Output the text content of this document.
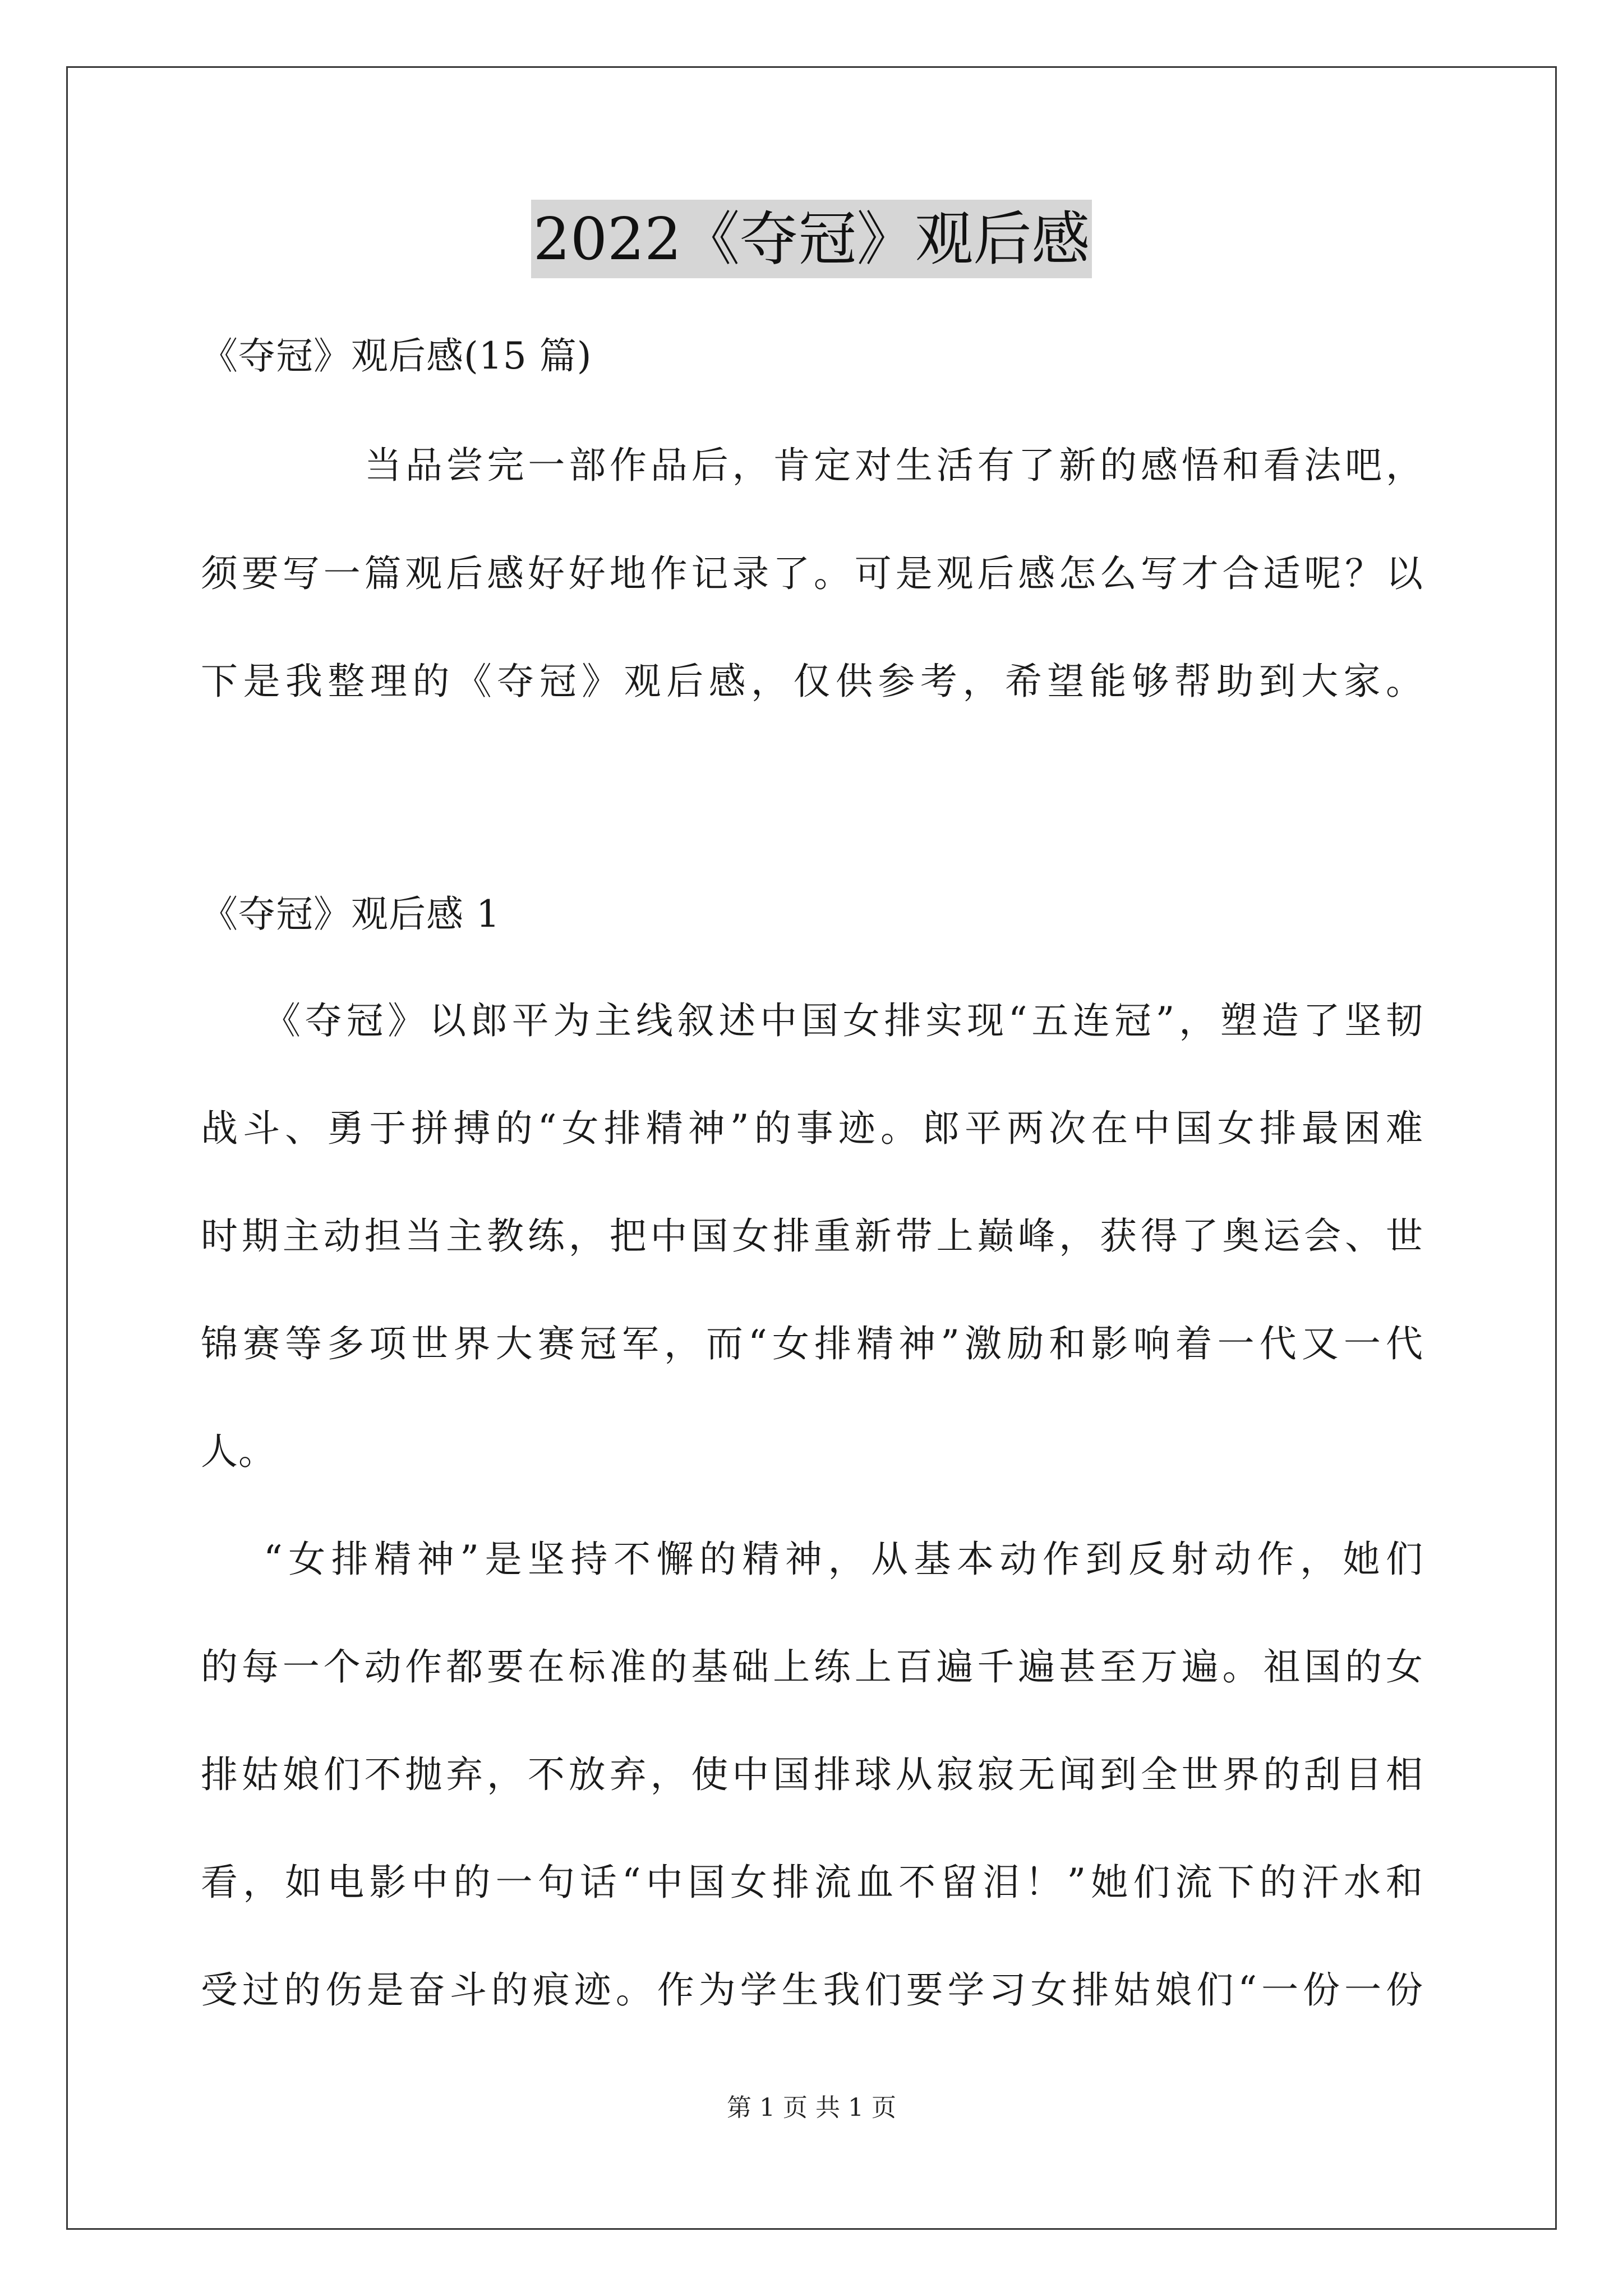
2022《夺冠》观后感
《夺冠》观后感(15 篇)
当品尝完一部作品后，肯定对生活有了新的感悟和看法吧，
须要写一篇观后感好好地作记录了。可是观后感怎么写才合适呢？以
下是我整理的《夺冠》观后感，仅供参考，希望能够帮助到大家。
《夺冠》观后感 1
《夺冠》以郎平为主线叙述中国女排实现“五连冠”，塑造了坚韧
战斗、勇于拼搏的“女排精神”的事迹。郎平两次在中国女排最困难
时期主动担当主教练，把中国女排重新带上巅峰，获得了奥运会、世
锦赛等多项世界大赛冠军，而“女排精神”激励和影响着一代又一代
人。
“女排精神”是坚持不懈的精神，从基本动作到反射动作，她们
的每一个动作都要在标准的基础上练上百遍千遍甚至万遍。祖国的女
排姑娘们不抛弃，不放弃，使中国排球从寂寂无闻到全世界的刮目相
看，如电影中的一句话“中国女排流血不留泪！”她们流下的汗水和
受过的伤是奋斗的痕迹。作为学生我们要学习女排姑娘们“一份一份
第 1 页 共 1 页
